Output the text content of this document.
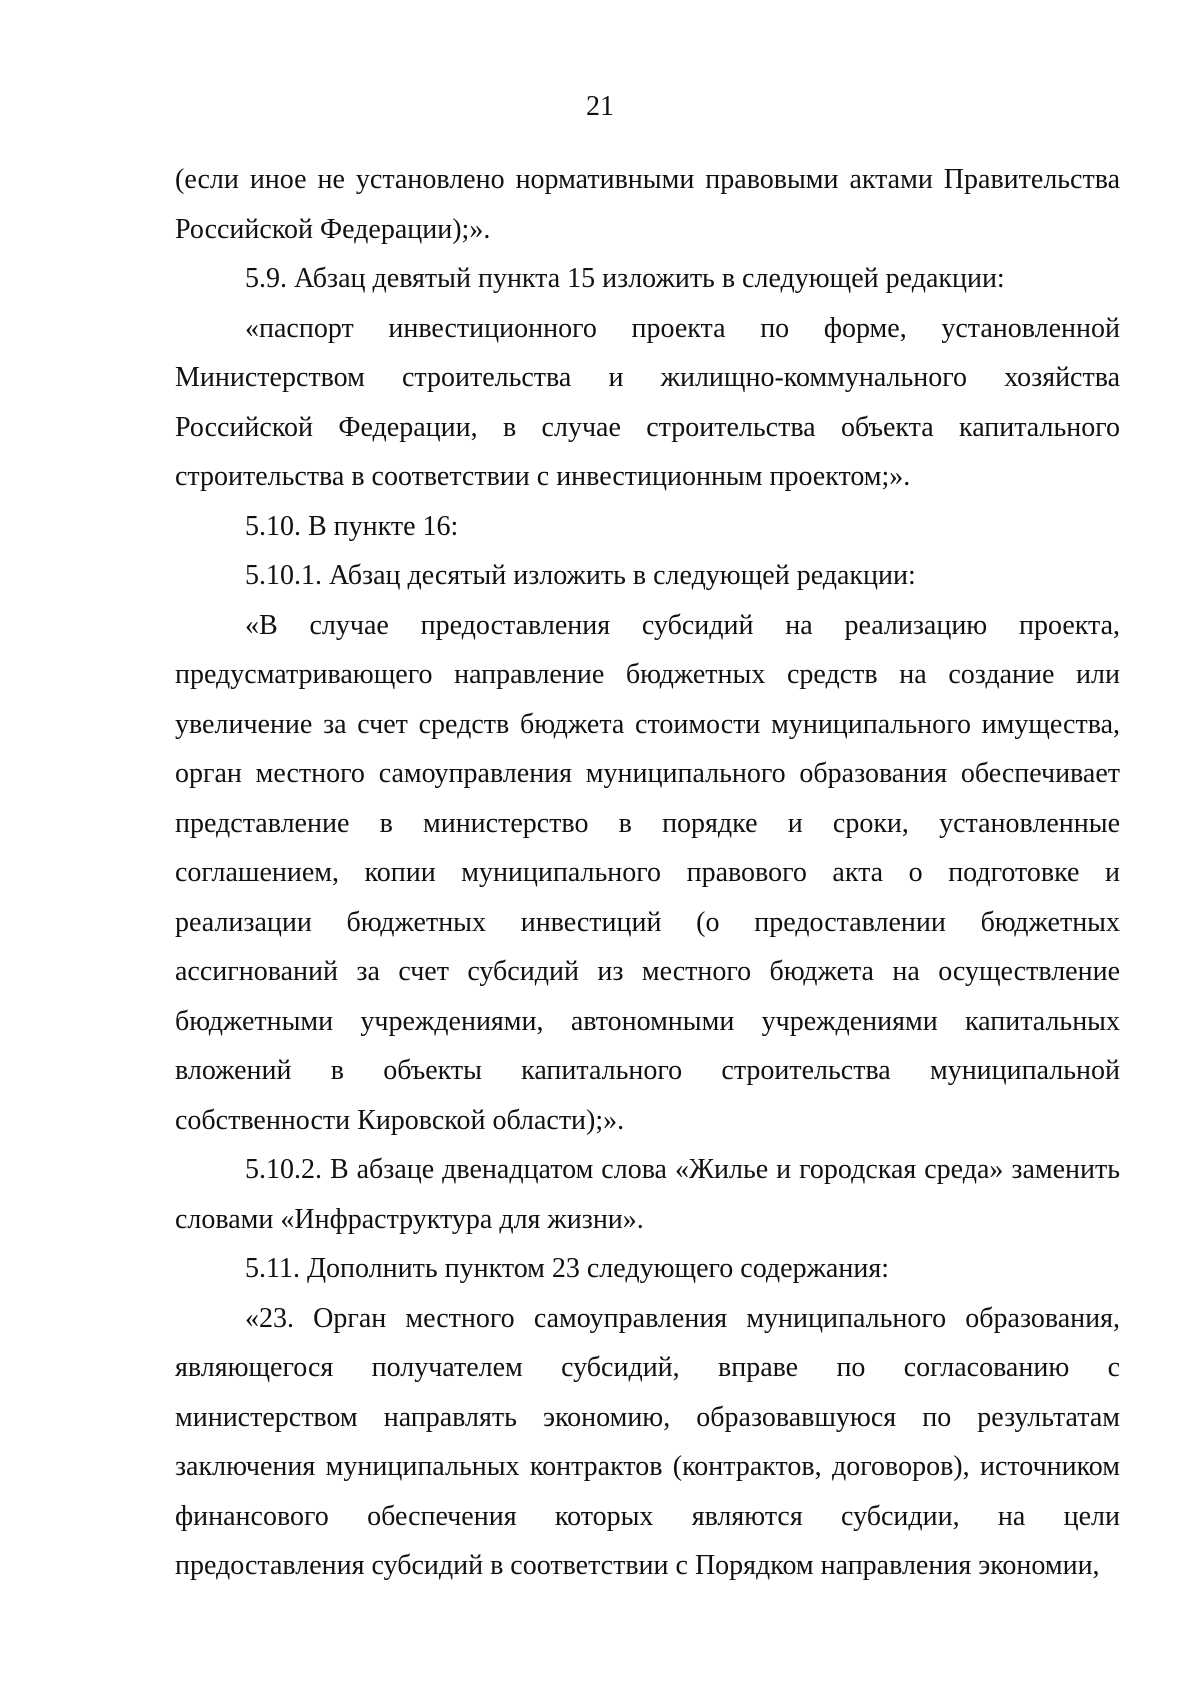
21

(если иное не установлено нормативными правовыми актами Правительства Российской Федерации);».

5.9. Абзац девятый пункта 15 изложить в следующей редакции:

«паспорт инвестиционного проекта по форме, установленной Министерством строительства и жилищно-коммунального хозяйства Российской Федерации, в случае строительства объекта капитального строительства в соответствии с инвестиционным проектом;».

5.10. В пункте 16:

5.10.1. Абзац десятый изложить в следующей редакции:

«В случае предоставления субсидий на реализацию проекта, предусматривающего направление бюджетных средств на создание или увеличение за счет средств бюджета стоимости муниципального имущества, орган местного самоуправления муниципального образования обеспечивает представление в министерство в порядке и сроки, установленные соглашением, копии муниципального правового акта о подготовке и реализации бюджетных инвестиций (о предоставлении бюджетных ассигнований за счет субсидий из местного бюджета на осуществление бюджетными учреждениями, автономными учреждениями капитальных вложений в объекты капитального строительства муниципальной собственности Кировской области);».

5.10.2. В абзаце двенадцатом слова «Жилье и городская среда» заменить словами «Инфраструктура для жизни».

5.11. Дополнить пунктом 23 следующего содержания:

«23. Орган местного самоуправления муниципального образования, являющегося получателем субсидий, вправе по согласованию с министерством направлять экономию, образовавшуюся по результатам заключения муниципальных контрактов (контрактов, договоров), источником финансового обеспечения которых являются субсидии, на цели предоставления субсидий в соответствии с Порядком направления экономии,
